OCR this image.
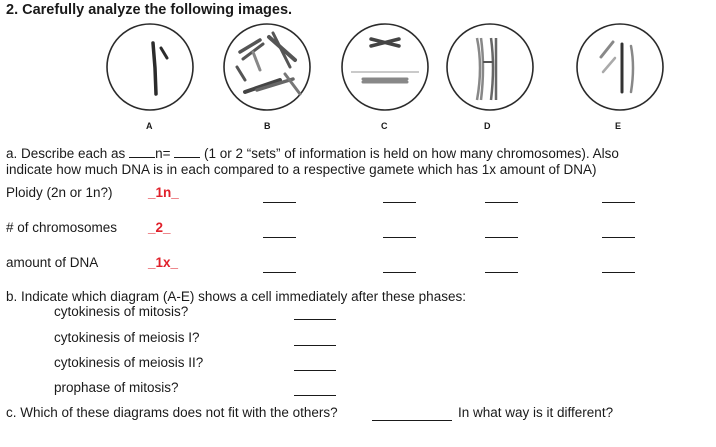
2. Carefully analyze the following images.
A	B	C	D	E
a. Describe each as n= (1 or 2 “sets” of information is held on how many chromosomes). Also
indicate how much DNA is in each compared to a respective gamete which has 1x amount of DNA)
Ploidy (2n or 1n?)	_1n_
# of chromosomes _2_
amount of DNA	_1x_
b. Indicate which diagram (A-E) shows a cell immediately after these phases:
cytokinesis of mitosis?
cytokinesis of meiosis I?
cytokinesis of meiosis II?
prophase of mitosis?
c. Which of these diagrams does not fit with the others?	In what way is it different?
